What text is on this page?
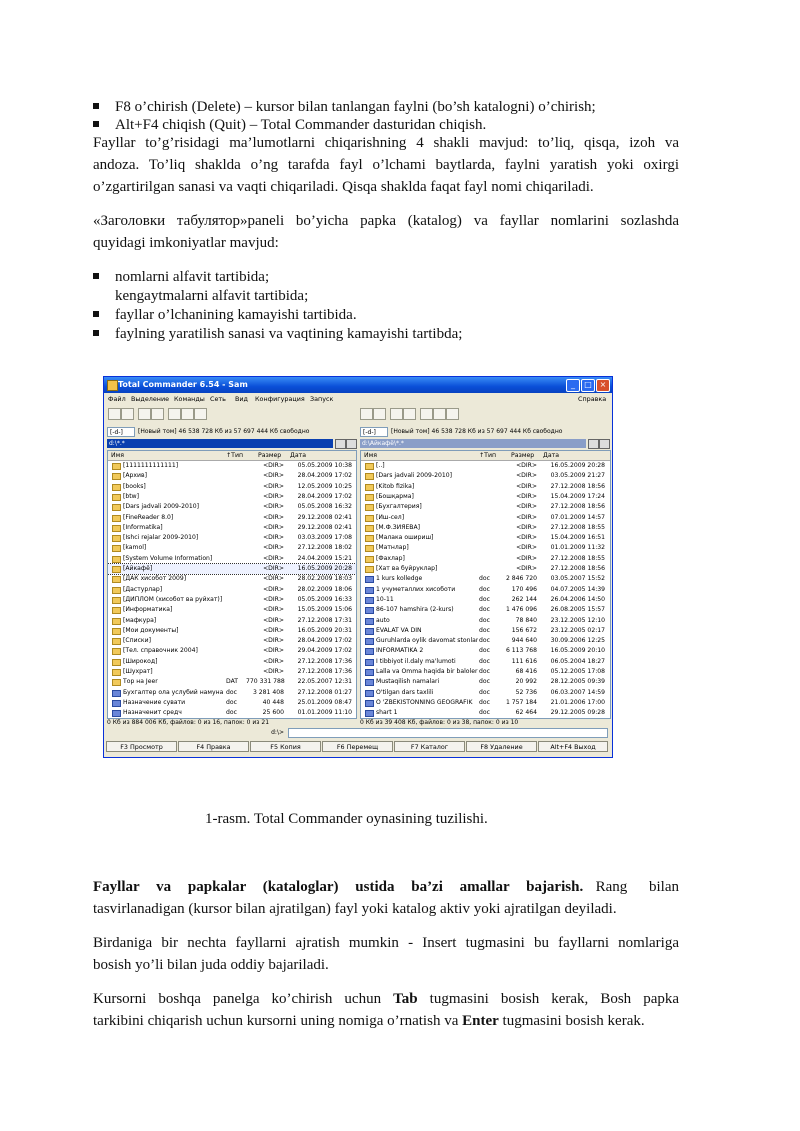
F8 o’chirish (Delete) – kursor bilan tanlangan faylni (bo’sh katalogni) o’chirish;
Alt+F4 chiqish (Quit) – Total Commander dasturidan chiqish.
Fayllar to’g’risidagi ma’lumotlarni chiqarishning 4 shakli mavjud: to’liq, qisqa, izoh va
andoza. To’liq shaklda o’ng tarafda fayl o’lchami baytlarda, faylni yaratish yoki oxirgi
o’zgartirilgan sanasi va vaqti chiqariladi. Qisqa shaklda faqat fayl nomi chiqariladi.
«Заголовки табулятор»paneli bo’yicha papka (katalog) va fayllar nomlarini sozlashda
quyidagi imkoniyatlar mavjud:
nomlarni alfavit tartibida;
kengaytmalarni alfavit tartibida;
fayllar o’lchanining kamayishi tartibida.
faylning yaratilish sanasi va vaqtining kamayishi tartibda;
Total Commander 6.54 - Sam	_	□ ×
Файл Выделение Команды Сеть Вид Конфигурация Запуск	Справка
[-d-]	[Новый том] 46 538 728 Кб из 57 697 444 Кб свободно	[-d-]	[Новый том] 46 538 728 Кб из 57 697 444 Кб свободно
d:\*.*	d:\Айкафё\*.*
Имя	↑Тип Размер Дата
[1111111111111]	<DIR>	05.05.2009 10:38
[Архив]	<DIR>	28.04.2009 17:02
[books]	<DIR>	12.05.2009 10:25
[btw]	<DIR>	28.04.2009 17:02
[Dars jadvali 2009-2010]	<DIR>	05.05.2008 16:32
[FineReader 8.0]	<DIR>	29.12.2008 02:41
[Informatika]	<DIR>	29.12.2008 02:41
[Ishci rejalar 2009-2010]	<DIR>	03.03.2009 17:08
[kamol]	<DIR>	27.12.2008 18:02
[System Volume Information]	<DIR>	24.04.2009 15:21
[Айкафё]	<DIR>	16.05.2009 20:28
[ДАК хисобот 2009]	<DIR>	28.02.2009 18:03
[Дастурлар]	<DIR>	28.02.2009 18:06
[ДИПЛОМ (хисобот ва руйхат)]	<DIR>	05.05.2009 16:33
[Информатика]	<DIR>	15.05.2009 15:06
[мафкура]	<DIR>	27.12.2008 17:31
[Мои документы]	<DIR>	16.05.2009 20:31
[Списки]	<DIR>	28.04.2009 17:02
[Тел. справочник 2004]	<DIR>	29.04.2009 17:02
[Широкод]	<DIR>	27.12.2008 17:36
[Шухрат]	<DIR>	27.12.2008 17:36
Тор на Jeer	DAT	770 331 788	22.05.2007 12:31
Бухгалтер ола услубий намуна doc	3 281 408	27.12.2008 01:27
Назначение сувати	doc	40 448	25.01.2009 08:47
Назначенит средч	doc	25 600	01.01.2009 11:10
0 Кб из 884 006 Кб, файлов: 0 из 16, папок: 0 из 21
Имя	↑Тип Размер Дата
[..]	<DIR>	16.05.2009 20:28
[Dars jadvali 2009-2010]	<DIR>	03.05.2009 21:27
[Kitob fizika]	<DIR>	27.12.2008 18:56
[Бошқарма]	<DIR>	15.04.2009 17:24
[Бухгалтерия]	<DIR>	27.12.2008 18:56
[Иш-сел]	<DIR>	07.01.2009 14:57
[М.Ф.ЗИЯЕВА]	<DIR>	27.12.2008 18:55
[Малака ошириш]	<DIR>	15.04.2009 16:51
[Матнлар]	<DIR>	01.01.2009 11:32
[Фахлар]	<DIR>	27.12.2008 18:55
[Хат ва буйруклар]	<DIR>	27.12.2008 18:56
1 kurs kolledge	doc	2 846 720	03.05.2007 15:52
1 учуметаллиx хисоботи	doc	170 496	04.07.2005 14:39
10-11	doc	262 144	26.04.2006 14:50
86-107 hamshira (2-kurs)	doc	1 476 096	26.08.2005 15:57
auto	doc	78 840	23.12.2005 12:10
EVALAT VA DIN	doc	156 672	23.12.2005 02:17
Guruhlarda oylik davomat stonlar doc	944 640	30.09.2006 12:25
INFORMATIKA 2	doc	6 113 768	16.05.2009 20:10
I tibbiyot il.daly ma'lumoti	doc	111 616	06.05.2004 18:27
Lalla va Omma haqida bir baloler doc	68 416	05.12.2005 17:08
Mustaqilish namalari	doc	20 992	28.12.2005 09:39
O'tilgan dars taxlili	doc	52 736	06.03.2007 14:59
O 'ZBEKISTONNING GEOGRAFIK	doc	1 757 184	21.01.2006 17:00
shart 1	doc	62 464	29.12.2005 09:28
0 Кб из 39 408 Кб, файлов: 0 из 38, папок: 0 из 10
d:\>
F3 Просмотр	F4 Правка	F5 Копия	F6 Перемещ	F7 Каталог	F8 Удаление	Alt+F4 Выход
1-rasm. Total Commander oynasining tuzilishi.
Fayllar va papkalar (kataloglar) ustida ba’zi amallar bajarish. Rang bilan
tasvirlanadigan (kursor bilan ajratilgan) fayl yoki katalog aktiv yoki ajratilgan deyiladi.
Birdaniga bir nechta fayllarni ajratish mumkin - Insert tugmasini bu fayllarni nomlariga
bosish yo’li bilan juda oddiy bajariladi.
Kursorni boshqa panelga ko’chirish uchun Tab tugmasini bosish kerak, Bosh papka
tarkibini chiqarish uchun kursorni uning nomiga o’rnatish va Enter tugmasini bosish kerak.
